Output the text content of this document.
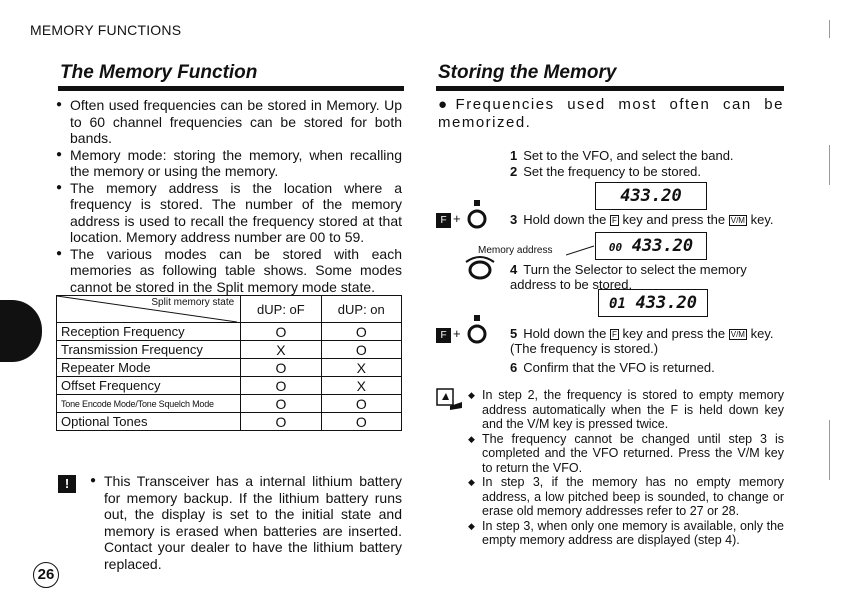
MEMORY FUNCTIONS
26
The Memory Function
● Often used frequencies can be stored in Memory. Up to 60 channel frequencies can be stored for both bands.
● Memory mode: storing the memory, when recalling the memory or using the memory.
● The memory address is the location where a frequency is stored. The number of the memory address is used to recall the frequency stored at that location. Memory address number are 00 to 59.
● The various modes can be stored with each memories as following table shows. Some modes cannot be stored in the Split memory mode state.
Split memory state	dUP: oF	dUP: on
Reception Frequency	O	O
Transmission Frequency	X	O
Repeater Mode	O	X
Offset Frequency	O	X
Tone Encode Mode/Tone Squelch Mode	O	O
Optional Tones	O	O
!	● This Transceiver has a internal lithium battery for memory backup. If the lithium battery runs out, the display is set to the initial state and memory is erased when batteries are inserted. Contact your dealer to have the lithium battery replaced.
Storing the Memory
●Frequencies used most often can be memorized.
1 Set to the VFO, and select the band.
2 Set the frequency to be stored.
433.20
F +	3 Hold down the F key and press the V/M key.
Memory address	00 433.20
4 Turn the Selector to select the memory address to be stored.
01 433.20
F +	5 Hold down the F key and press the V/M key. (The frequency is stored.)
6 Confirm that the VFO is returned.
◆ In step 2, the frequency is stored to empty memory address automatically when the F is held down key and the V/M key is pressed twice.
◆ The frequency cannot be changed until step 3 is completed and the VFO returned. Press the V/M key to return the VFO.
◆ In step 3, if the memory has no empty memory address, a low pitched beep is sounded, to change or erase old memory addresses refer to 27 or 28.
◆ In step 3, when only one memory is available, only the empty memory address are displayed (step 4).
